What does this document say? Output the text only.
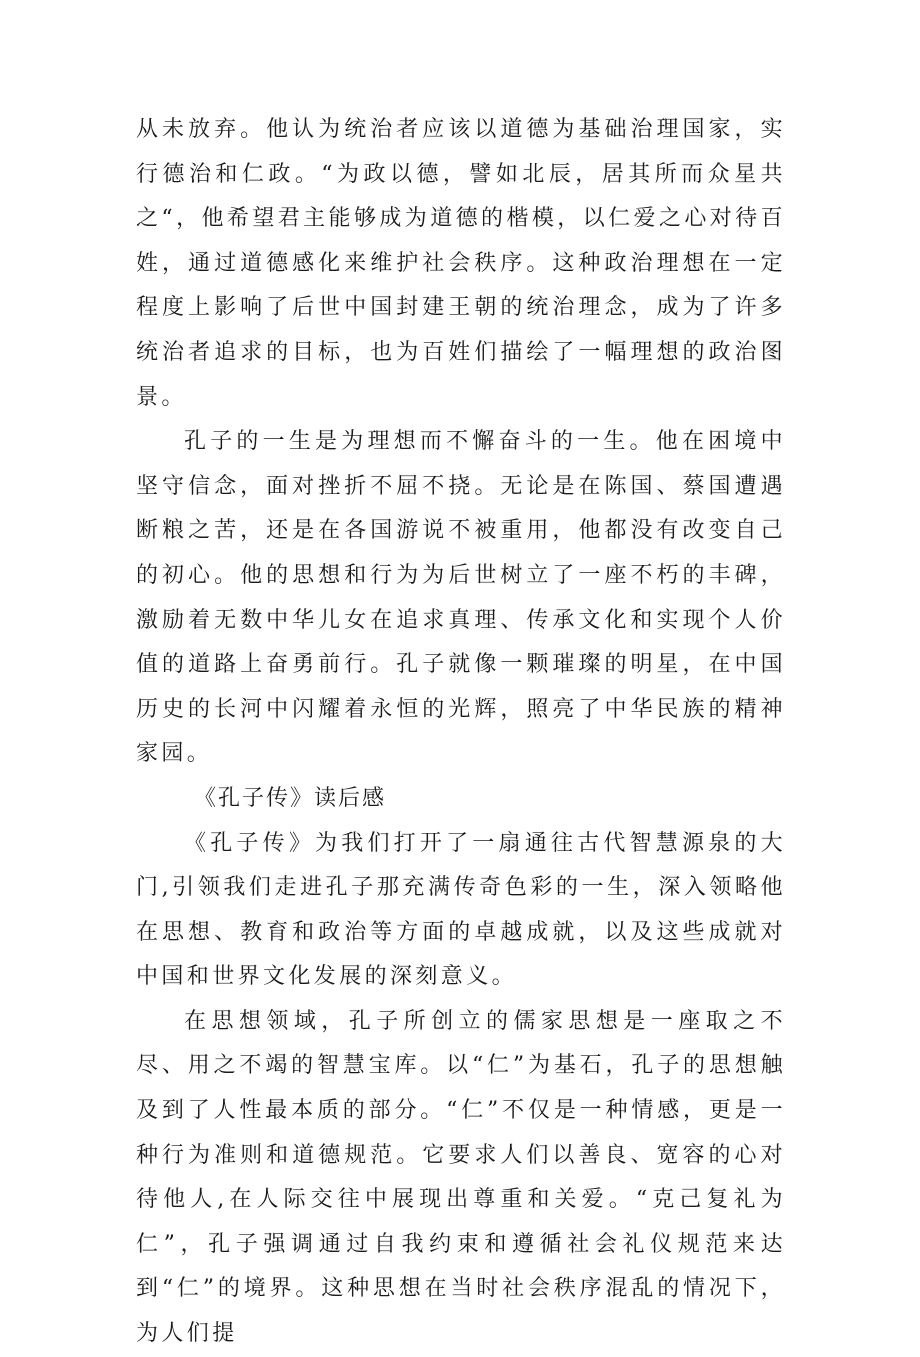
从未放弃。他认为统治者应该以道德为基础治理国家，实行德治和仁政。“为政以德，譬如北辰，居其所而众星共之“，他希望君主能够成为道德的楷模，以仁爱之心对待百姓，通过道德感化来维护社会秩序。这种政治理想在一定程度上影响了后世中国封建王朝的统治理念，成为了许多统治者追求的目标，也为百姓们描绘了一幅理想的政治图景。

孔子的一生是为理想而不懈奋斗的一生。他在困境中坚守信念，面对挫折不屈不挠。无论是在陈国、蔡国遭遇断粮之苦，还是在各国游说不被重用，他都没有改变自己的初心。他的思想和行为为后世树立了一座不朽的丰碑，激励着无数中华儿女在追求真理、传承文化和实现个人价值的道路上奋勇前行。孔子就像一颗璀璨的明星，在中国历史的长河中闪耀着永恒的光辉，照亮了中华民族的精神家园。

《孔子传》读后感

《孔子传》为我们打开了一扇通往古代智慧源泉的大门,引领我们走进孔子那充满传奇色彩的一生，深入领略他在思想、教育和政治等方面的卓越成就，以及这些成就对中国和世界文化发展的深刻意义。

在思想领域，孔子所创立的儒家思想是一座取之不尽、用之不竭的智慧宝库。以“仁”为基石，孔子的思想触及到了人性最本质的部分。“仁”不仅是一种情感，更是一种行为准则和道德规范。它要求人们以善良、宽容的心对待他人,在人际交往中展现出尊重和关爱。“克己复礼为仁”，孔子强调通过自我约束和遵循社会礼仪规范来达到“仁”的境界。这种思想在当时社会秩序混乱的情况下，为人们提
